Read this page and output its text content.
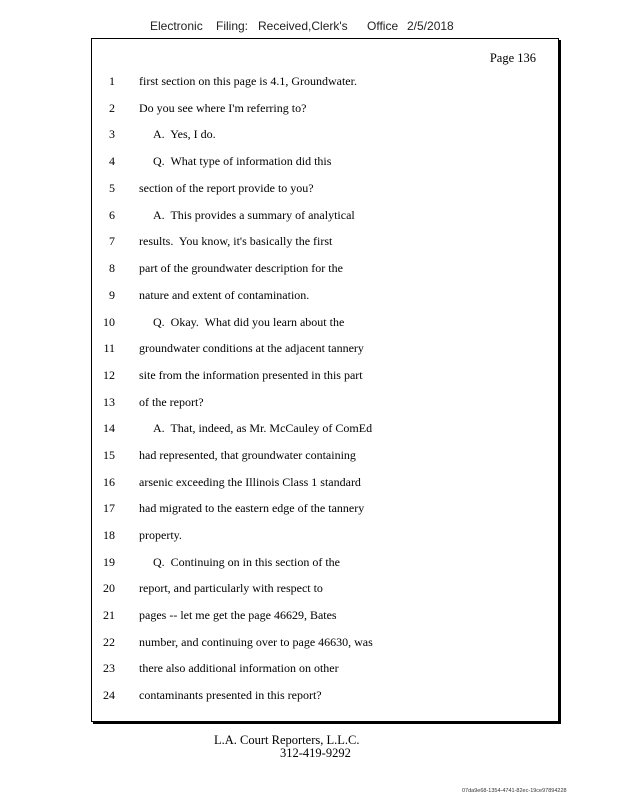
Electronic Filing: Received,Clerk's Office 2/5/2018
Page 136
1 first section on this page is 4.1, Groundwater.
2 Do you see where I'm referring to?
3	A.  Yes, I do.
4	Q.  What type of information did this
5 section of the report provide to you?
6	A.  This provides a summary of analytical
7 results.  You know, it's basically the first
8 part of the groundwater description for the
9 nature and extent of contamination.
10	Q.  Okay.  What did you learn about the
11 groundwater conditions at the adjacent tannery
12 site from the information presented in this part
13 of the report?
14	A.  That, indeed, as Mr. McCauley of ComEd
15 had represented, that groundwater containing
16 arsenic exceeding the Illinois Class 1 standard
17 had migrated to the eastern edge of the tannery
18 property.
19	Q.  Continuing on in this section of the
20 report, and particularly with respect to
21 pages -- let me get the page 46629, Bates
22 number, and continuing over to page 46630, was
23 there also additional information on other
24 contaminants presented in this report?
L.A. Court Reporters, L.L.C.
312-419-9292
07da9e68-1354-4741-82ec-19ce97894228
